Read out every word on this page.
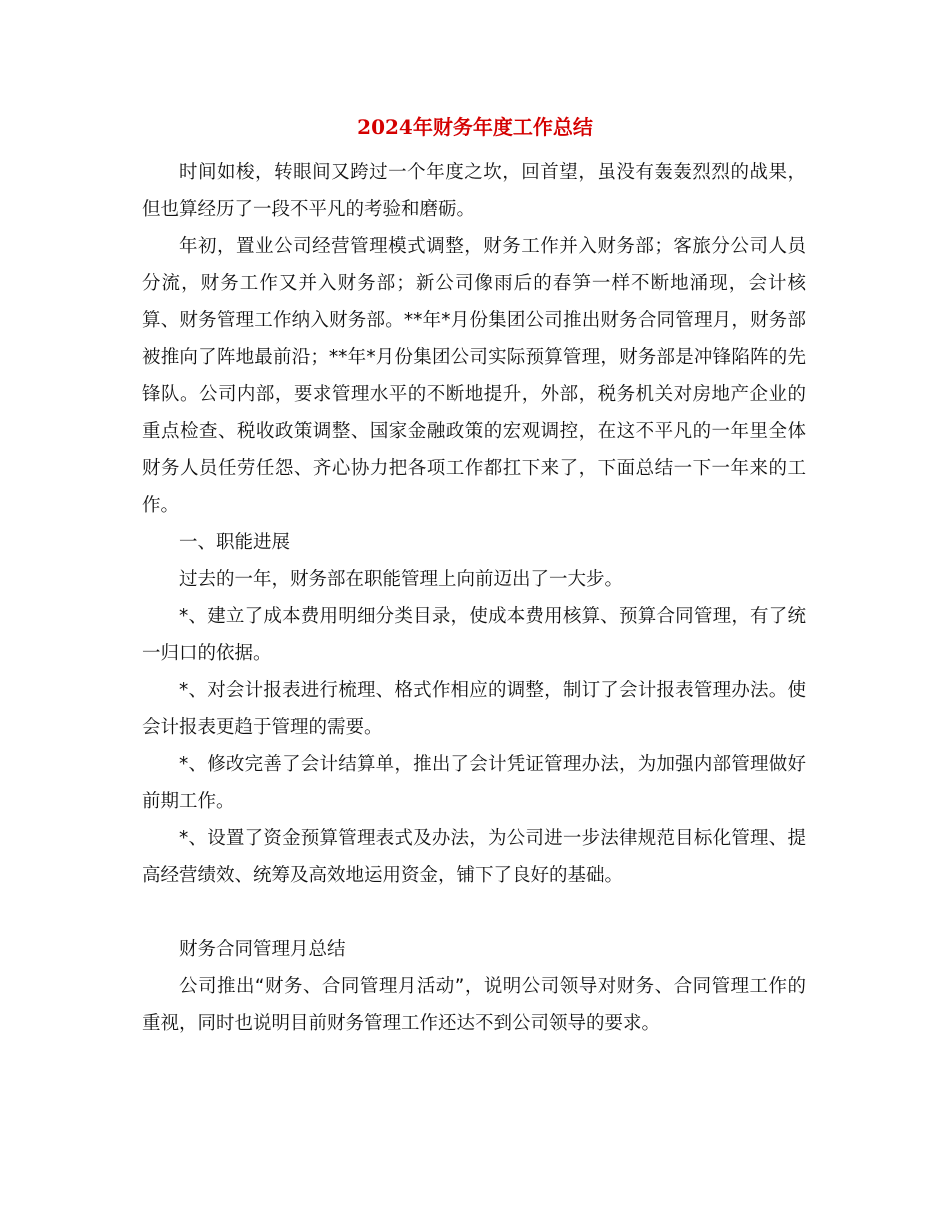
2024年财务年度工作总结

时间如梭，转眼间又跨过一个年度之坎，回首望，虽没有轰轰烈烈的战果，但也算经历了一段不平凡的考验和磨砺。

年初，置业公司经营管理模式调整，财务工作并入财务部；客旅分公司人员分流，财务工作又并入财务部；新公司像雨后的春笋一样不断地涌现，会计核算、财务管理工作纳入财务部。**年*月份集团公司推出财务合同管理月，财务部被推向了阵地最前沿；**年*月份集团公司实际预算管理，财务部是冲锋陷阵的先锋队。公司内部，要求管理水平的不断地提升，外部，税务机关对房地产企业的重点检查、税收政策调整、国家金融政策的宏观调控，在这不平凡的一年里全体财务人员任劳任怨、齐心协力把各项工作都扛下来了，下面总结一下一年来的工作。

一、职能进展

过去的一年，财务部在职能管理上向前迈出了一大步。

*、建立了成本费用明细分类目录，使成本费用核算、预算合同管理，有了统一归口的依据。

*、对会计报表进行梳理、格式作相应的调整，制订了会计报表管理办法。使会计报表更趋于管理的需要。

*、修改完善了会计结算单，推出了会计凭证管理办法，为加强内部管理做好前期工作。

*、设置了资金预算管理表式及办法，为公司进一步法律规范目标化管理、提高经营绩效、统筹及高效地运用资金，铺下了良好的基础。

财务合同管理月总结

公司推出“财务、合同管理月活动”，说明公司领导对财务、合同管理工作的重视，同时也说明目前财务管理工作还达不到公司领导的要求。
